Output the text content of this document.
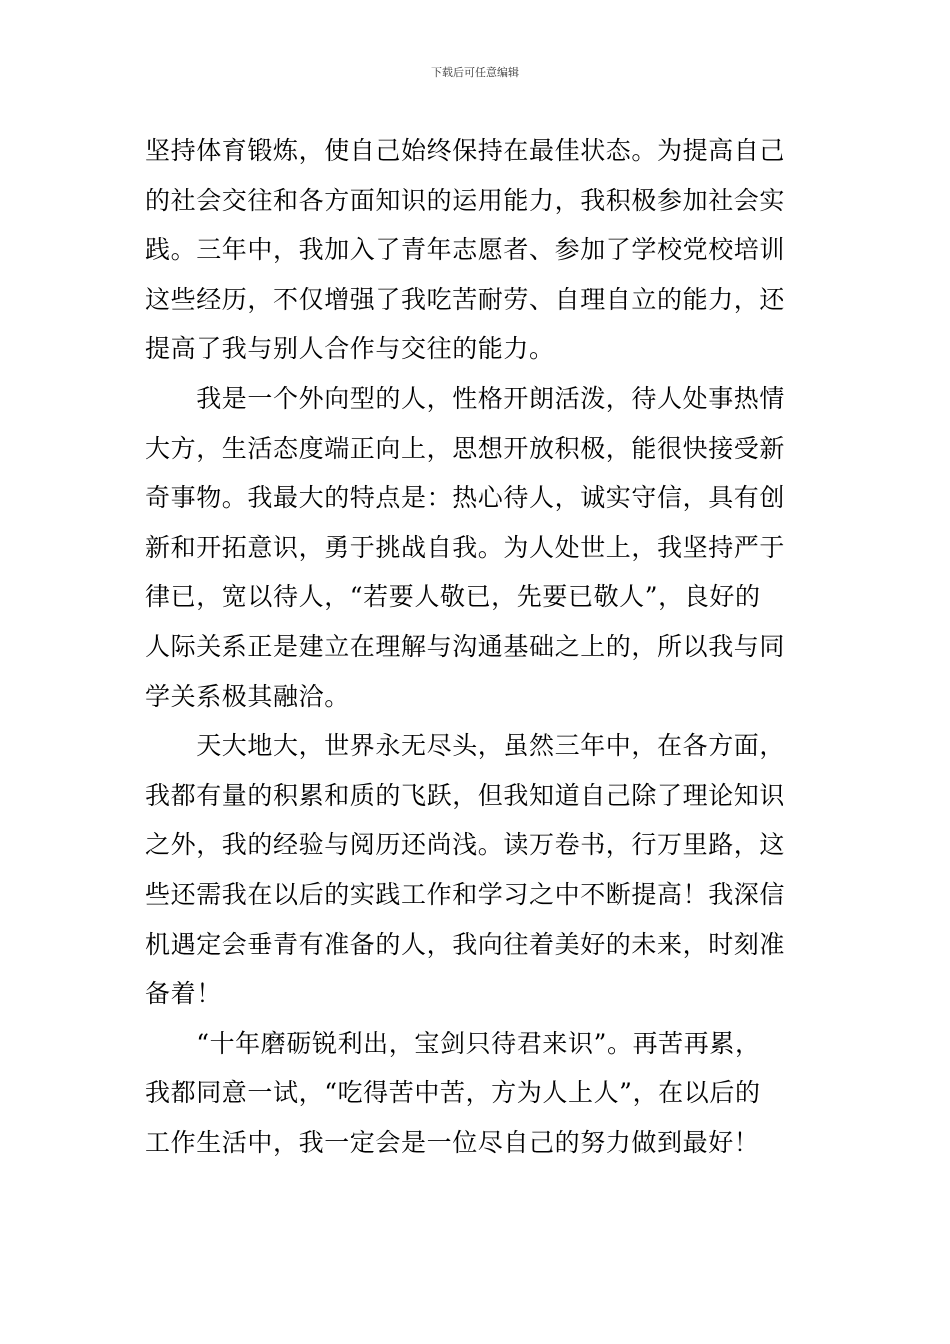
下载后可任意编辑
坚持体育锻炼，使自己始终保持在最佳状态。为提高自己
的社会交往和各方面知识的运用能力，我积极参加社会实
践。三年中，我加入了青年志愿者、参加了学校党校培训
这些经历，不仅增强了我吃苦耐劳、自理自立的能力，还
提高了我与别人合作与交往的能力。
　　我是一个外向型的人，性格开朗活泼，待人处事热情
大方，生活态度端正向上，思想开放积极，能很快接受新
奇事物。我最大的特点是：热心待人，诚实守信，具有创
新和开拓意识，勇于挑战自我。为人处世上，我坚持严于
律已，宽以待人，“若要人敬已，先要已敬人”，良好的
人际关系正是建立在理解与沟通基础之上的，所以我与同
学关系极其融洽。
　　天大地大，世界永无尽头，虽然三年中，在各方面，
我都有量的积累和质的飞跃，但我知道自己除了理论知识
之外，我的经验与阅历还尚浅。读万卷书，行万里路，这
些还需我在以后的实践工作和学习之中不断提高！我深信
机遇定会垂青有准备的人，我向往着美好的未来，时刻准
备着！
　　“十年磨砺锐利出，宝剑只待君来识”。再苦再累，
我都同意一试，“吃得苦中苦，方为人上人”，在以后的
工作生活中，我一定会是一位尽自己的努力做到最好！
